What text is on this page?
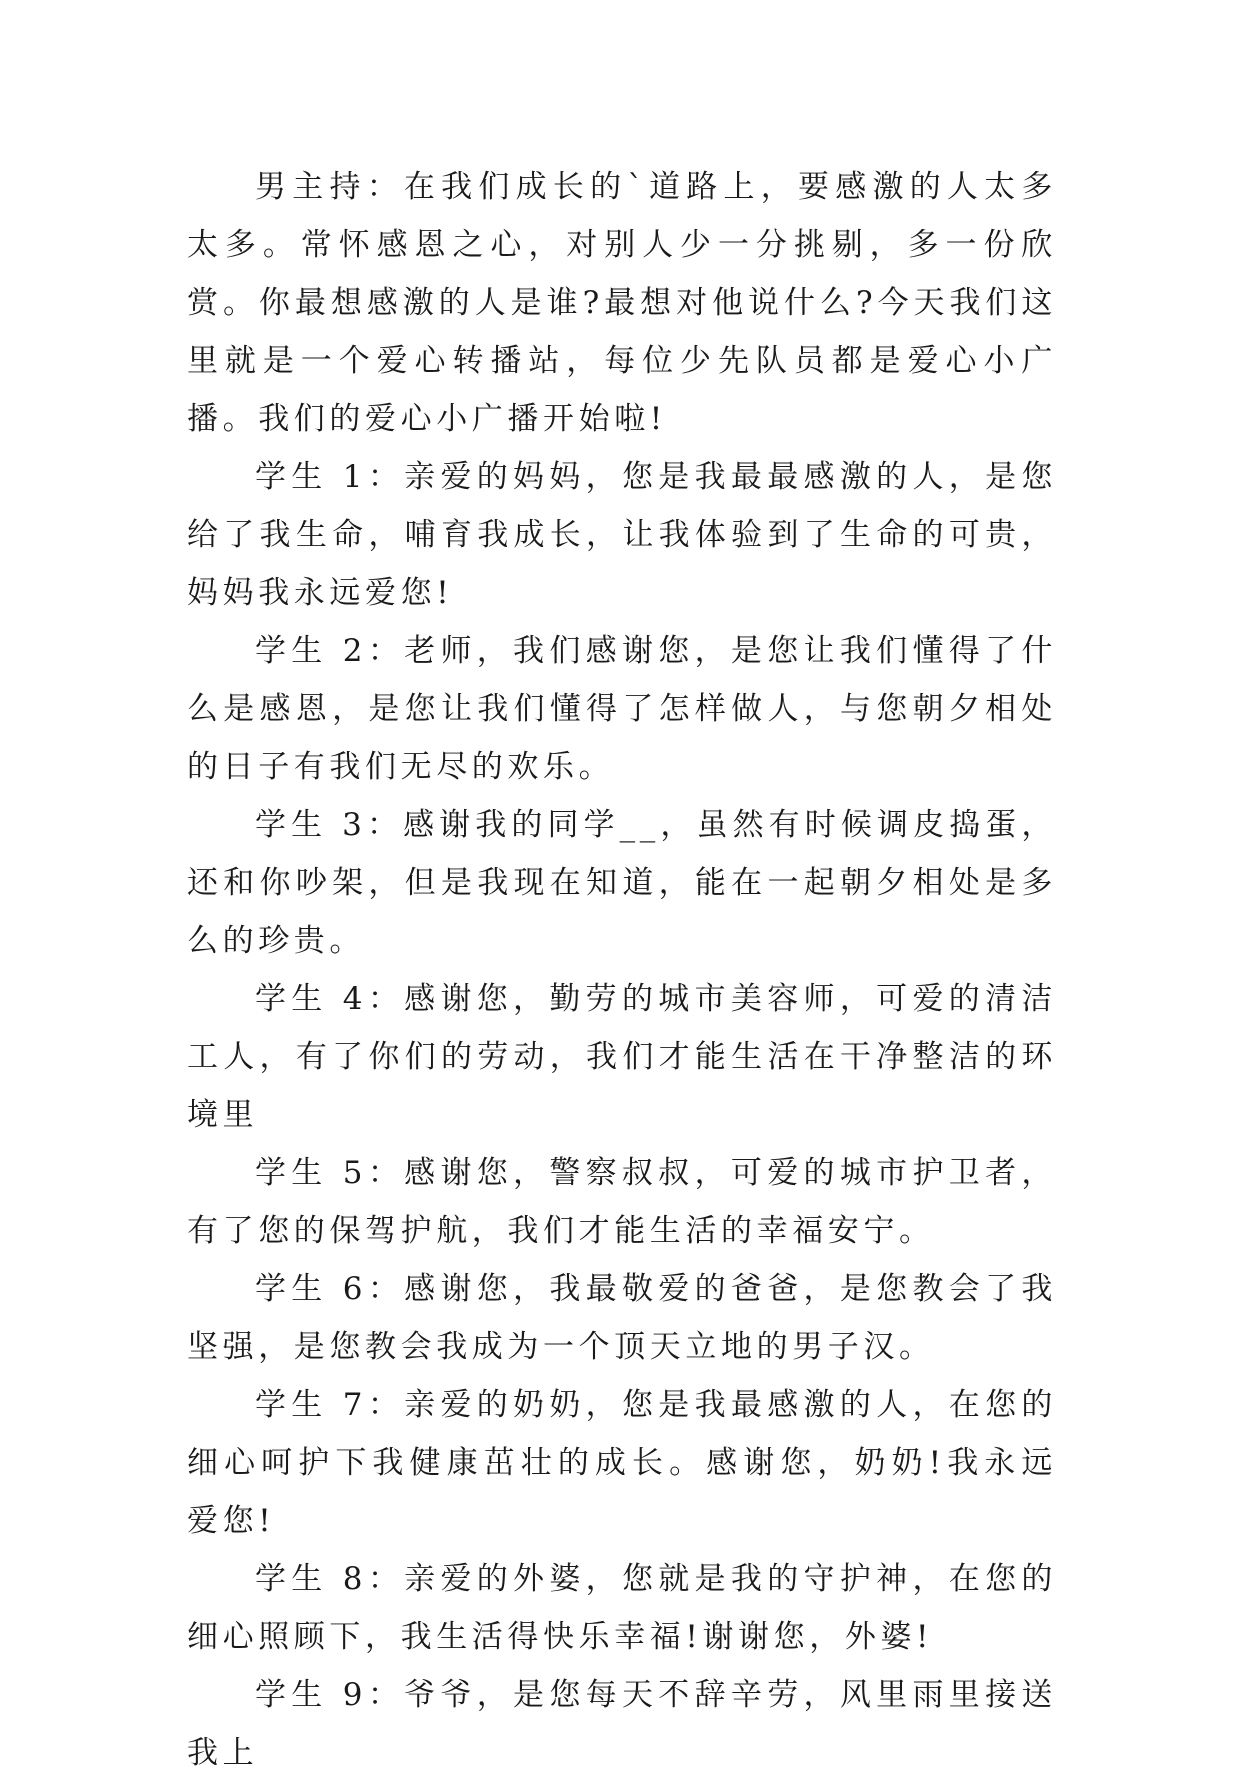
男主持：在我们成长的`道路上，要感激的人太多太多。常怀感恩之心，对别人少一分挑剔，多一份欣赏。你最想感激的人是谁?最想对他说什么?今天我们这里就是一个爱心转播站，每位少先队员都是爱心小广播。我们的爱心小广播开始啦!

学生 1：亲爱的妈妈，您是我最最感激的人，是您给了我生命，哺育我成长，让我体验到了生命的可贵，妈妈我永远爱您!

学生 2：老师，我们感谢您，是您让我们懂得了什么是感恩，是您让我们懂得了怎样做人，与您朝夕相处的日子有我们无尽的欢乐。

学生 3：感谢我的同学__，虽然有时候调皮捣蛋，还和你吵架，但是我现在知道，能在一起朝夕相处是多么的珍贵。

学生 4：感谢您，勤劳的城市美容师，可爱的清洁工人，有了你们的劳动，我们才能生活在干净整洁的环境里

学生 5：感谢您，警察叔叔，可爱的城市护卫者，有了您的保驾护航，我们才能生活的幸福安宁。

学生 6：感谢您，我最敬爱的爸爸，是您教会了我坚强，是您教会我成为一个顶天立地的男子汉。

学生 7：亲爱的奶奶，您是我最感激的人，在您的细心呵护下我健康茁壮的成长。感谢您，奶奶!我永远爱您!

学生 8：亲爱的外婆，您就是我的守护神，在您的细心照顾下，我生活得快乐幸福!谢谢您，外婆!

学生 9：爷爷，是您每天不辞辛劳，风里雨里接送我上
